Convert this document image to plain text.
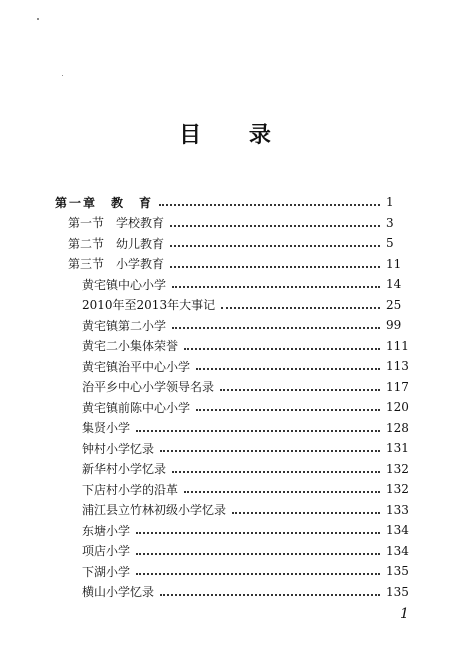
目 录
第一章　教　育	1
第一节　学校教育	3
第二节　幼儿教育	5
第三节　小学教育	11
黄宅镇中心小学	14
2010年至2013年大事记	25
黄宅镇第二小学	99
黄宅二小集体荣誉	111
黄宅镇治平中心小学	113
治平乡中心小学领导名录	117
黄宅镇前陈中心小学	120
集贤小学	128
钟村小学忆录	131
新华村小学忆录	132
下店村小学的沿革	132
浦江县立竹林初级小学忆录	133
东塘小学	134
项店小学	134
下湖小学	135
横山小学忆录	135
1
